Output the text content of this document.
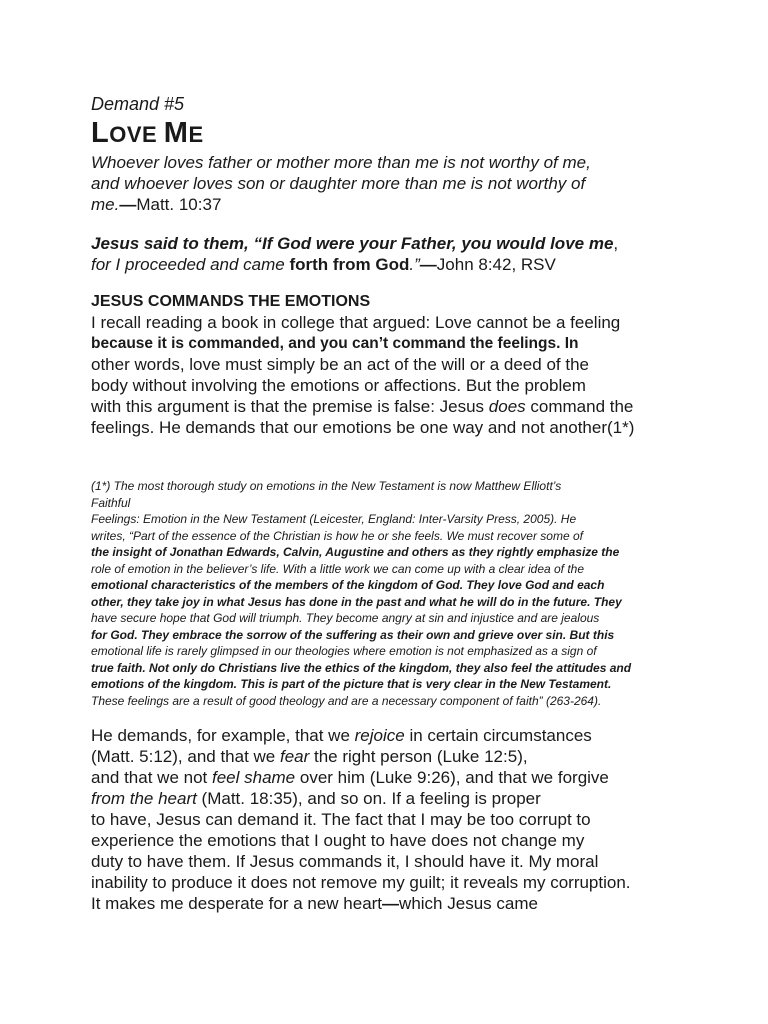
Demand #5

LOVE ME

Whoever loves father or mother more than me is not worthy of me,
and whoever loves son or daughter more than me is not worthy of
me.—Matt. 10:37

Jesus said to them, “If God were your Father, you would love me,
for I proceeded and came forth from God.”—John 8:42, RSV

JESUS COMMANDS THE EMOTIONS

I recall reading a book in college that argued: Love cannot be a feeling
because it is commanded, and you can’t command the feelings. In
other words, love must simply be an act of the will or a deed of the
body without involving the emotions or affections. But the problem
with this argument is that the premise is false: Jesus does command the
feelings. He demands that our emotions be one way and not another(1*)

(1*) The most thorough study on emotions in the New Testament is now Matthew Elliott’s
Faithful
Feelings: Emotion in the New Testament (Leicester, England: Inter-Varsity Press, 2005). He
writes, “Part of the essence of the Christian is how he or she feels. We must recover some of
the insight of Jonathan Edwards, Calvin, Augustine and others as they rightly emphasize the
role of emotion in the believer’s life. With a little work we can come up with a clear idea of the
emotional characteristics of the members of the kingdom of God. They love God and each
other, they take joy in what Jesus has done in the past and what he will do in the future. They
have secure hope that God will triumph. They become angry at sin and injustice and are jealous
for God. They embrace the sorrow of the suffering as their own and grieve over sin. But this
emotional life is rarely glimpsed in our theologies where emotion is not emphasized as a sign of
true faith. Not only do Christians live the ethics of the kingdom, they also feel the attitudes and
emotions of the kingdom. This is part of the picture that is very clear in the New Testament.
These feelings are a result of good theology and are a necessary component of faith” (263-264).

He demands, for example, that we rejoice in certain circumstances
(Matt. 5:12), and that we fear the right person (Luke 12:5),
and that we not feel shame over him (Luke 9:26), and that we forgive
from the heart (Matt. 18:35), and so on. If a feeling is proper
to have, Jesus can demand it. The fact that I may be too corrupt to
experience the emotions that I ought to have does not change my
duty to have them. If Jesus commands it, I should have it. My moral
inability to produce it does not remove my guilt; it reveals my corruption.
It makes me desperate for a new heart—which Jesus came
